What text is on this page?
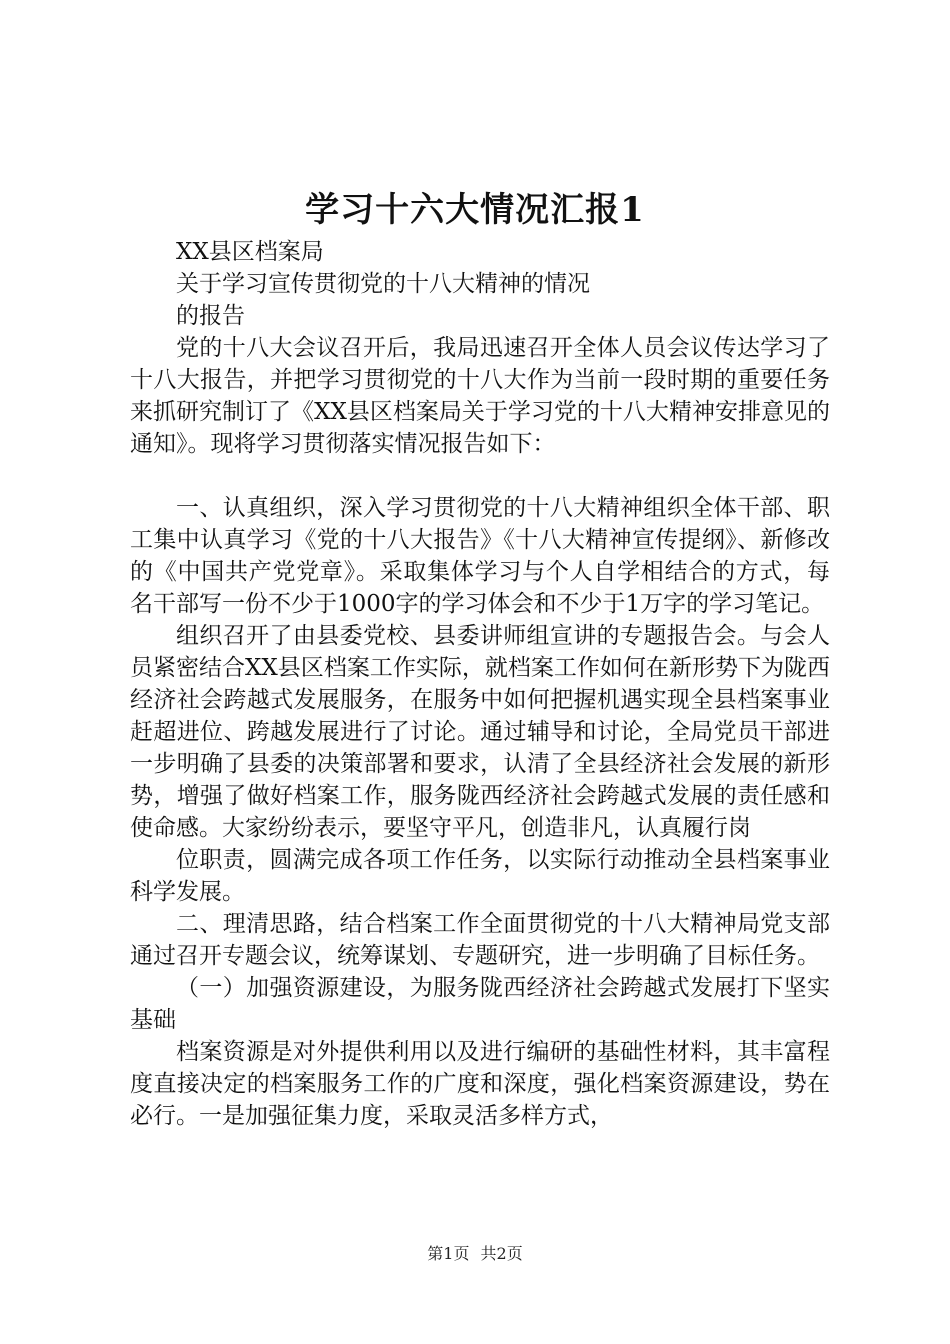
学习十六大情况汇报1

XX县区档案局

关于学习宣传贯彻党的十八大精神的情况

的报告

党的十八大会议召开后，我局迅速召开全体人员会议传达学习了十八大报告，并把学习贯彻党的十八大作为当前一段时期的重要任务来抓研究制订了《XX县区档案局关于学习党的十八大精神安排意见的通知》。现将学习贯彻落实情况报告如下：

一、认真组织，深入学习贯彻党的十八大精神组织全体干部、职工集中认真学习《党的十八大报告》《十八大精神宣传提纲》、新修改的《中国共产党党章》。采取集体学习与个人自学相结合的方式，每名干部写一份不少于1000字的学习体会和不少于1万字的学习笔记。

组织召开了由县委党校、县委讲师组宣讲的专题报告会。与会人员紧密结合XX县区档案工作实际，就档案工作如何在新形势下为陇西经济社会跨越式发展服务，在服务中如何把握机遇实现全县档案事业赶超进位、跨越发展进行了讨论。通过辅导和讨论，全局党员干部进一步明确了县委的决策部署和要求，认清了全县经济社会发展的新形势，增强了做好档案工作，服务陇西经济社会跨越式发展的责任感和使命感。大家纷纷表示，要坚守平凡，创造非凡，认真履行岗

位职责，圆满完成各项工作任务，以实际行动推动全县档案事业科学发展。

二、理清思路，结合档案工作全面贯彻党的十八大精神局党支部通过召开专题会议，统筹谋划、专题研究，进一步明确了目标任务。

（一）加强资源建设，为服务陇西经济社会跨越式发展打下坚实基础

档案资源是对外提供利用以及进行编研的基础性材料，其丰富程度直接决定的档案服务工作的广度和深度，强化档案资源建设，势在必行。一是加强征集力度，采取灵活多样方式，

第1页 共2页
